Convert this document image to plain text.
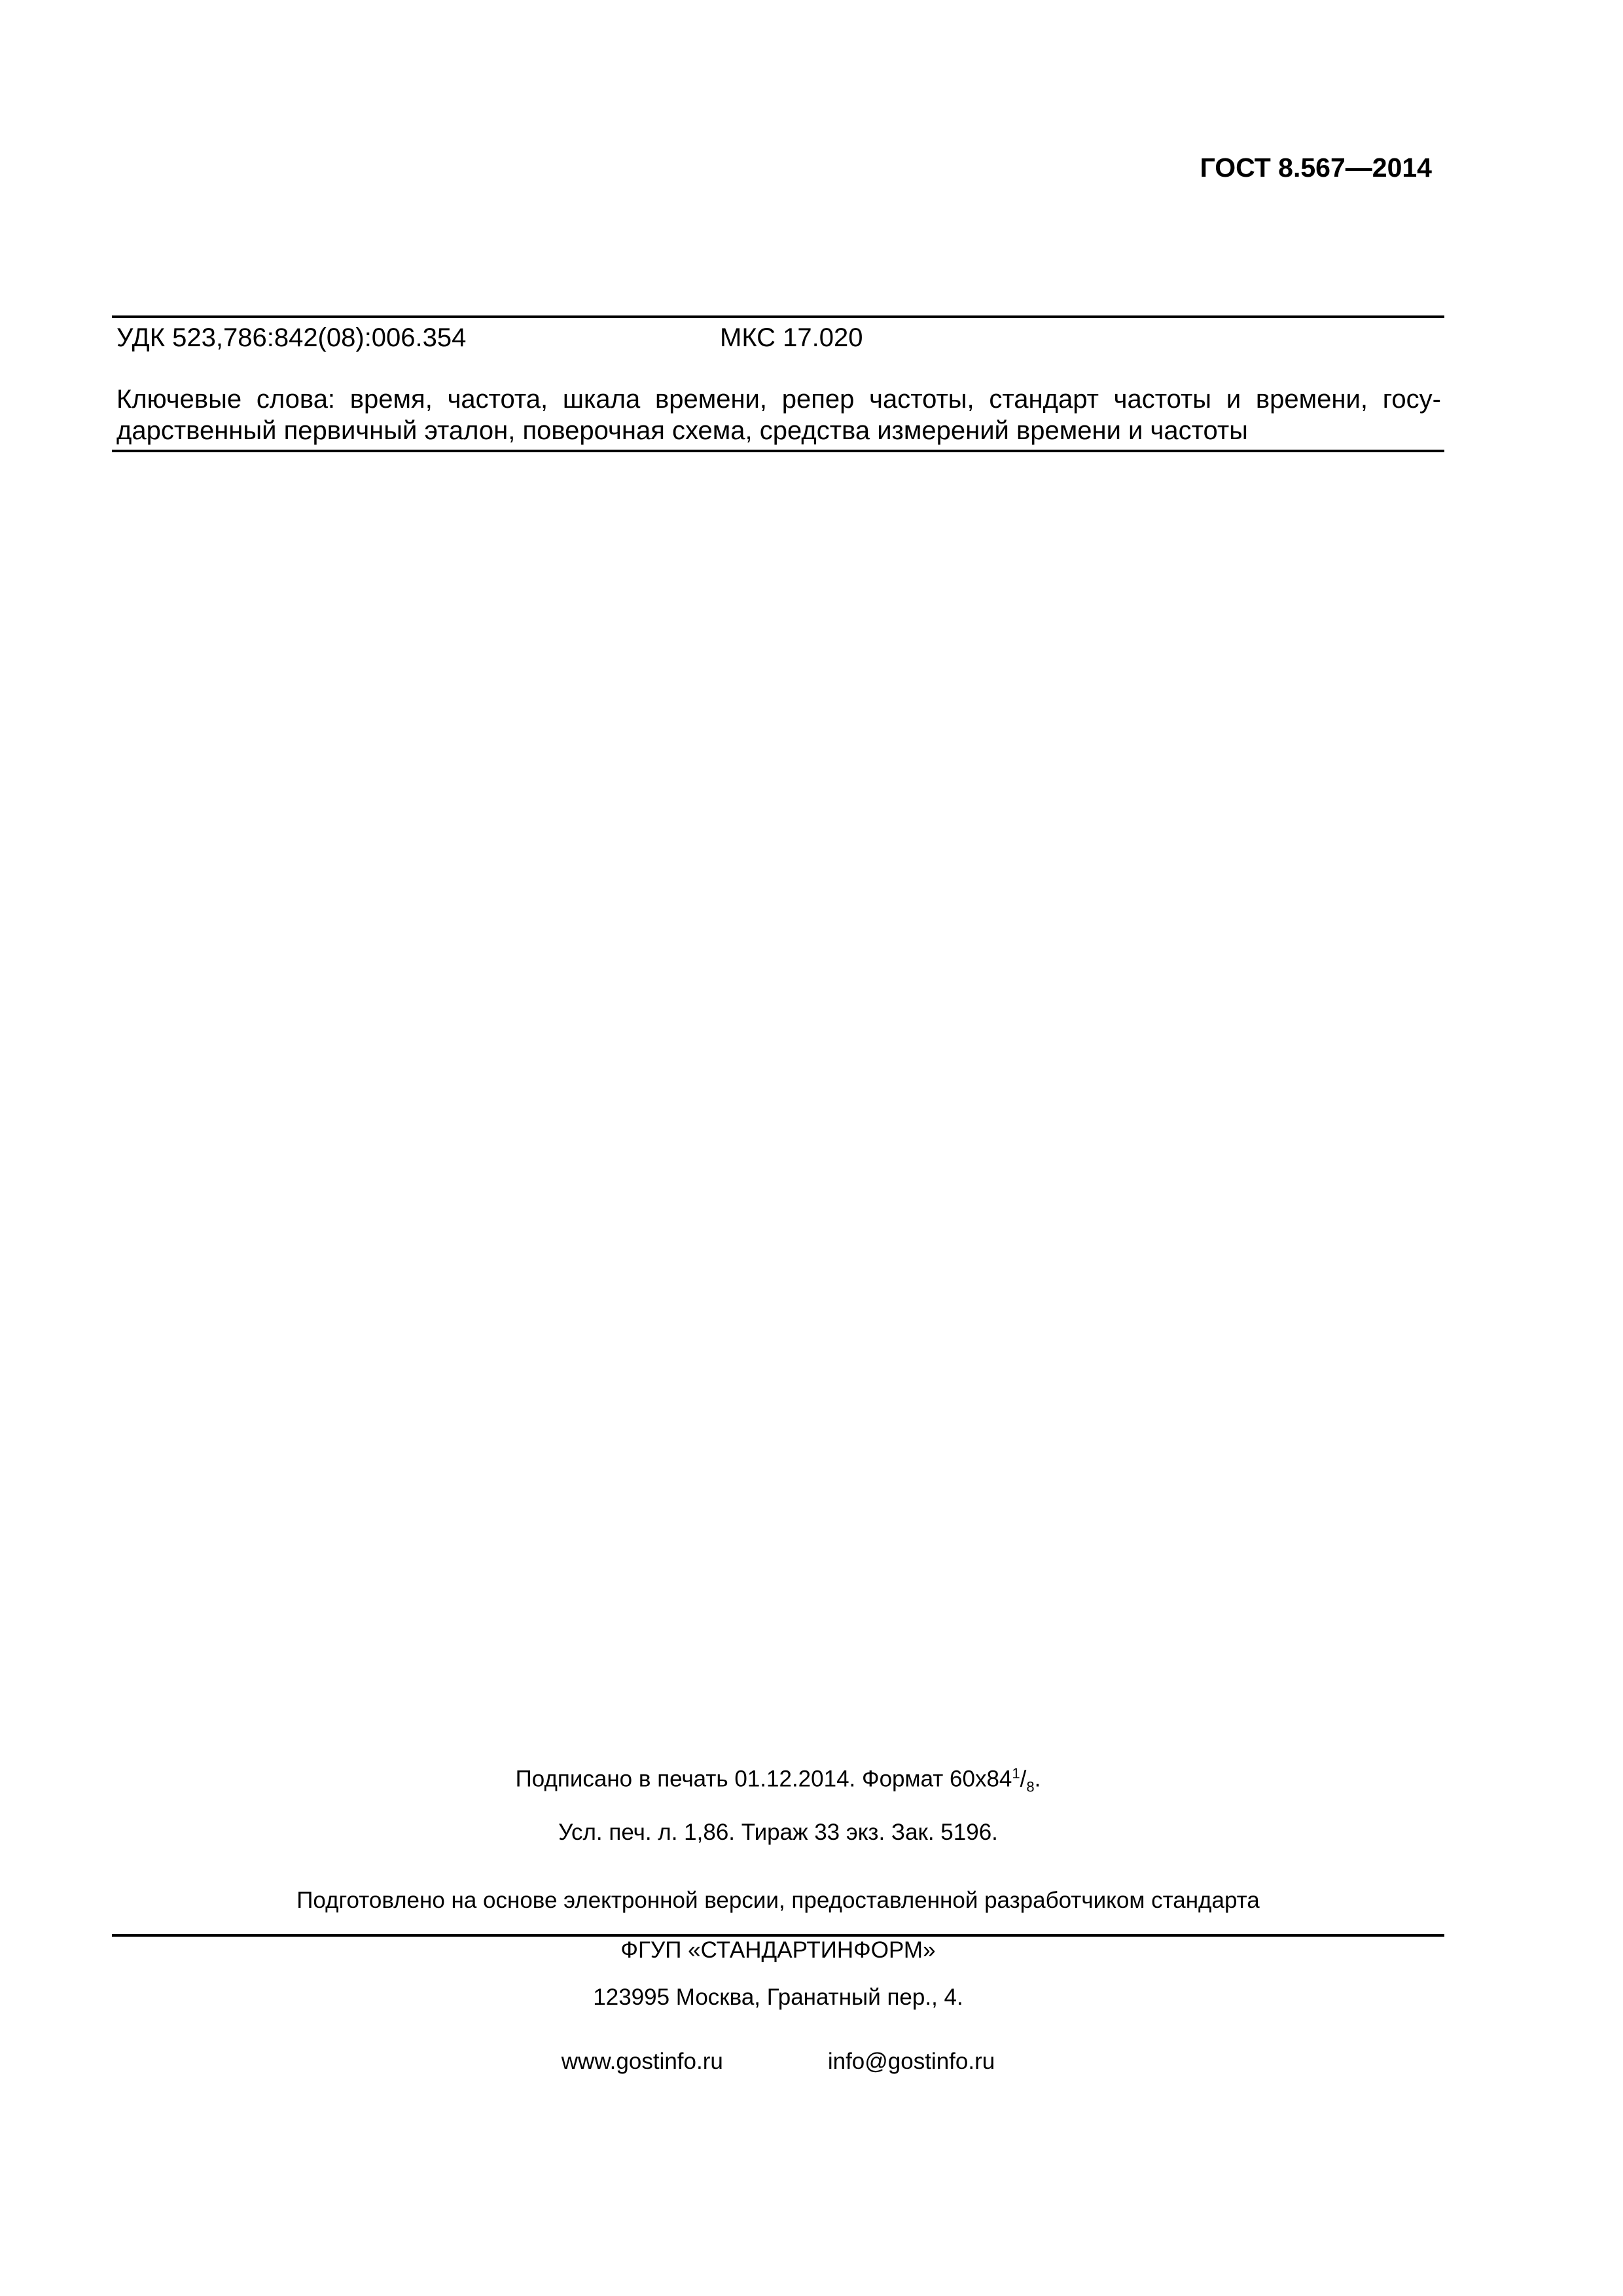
ГОСТ 8.567—2014
УДК 523,786:842(08):006.354	МКС 17.020
Ключевые слова: время, частота, шкала времени, репер частоты, стандарт частоты и времени, госу-дарственный первичный эталон, поверочная схема, средства измерений времени и частоты
Подписано в печать 01.12.2014. Формат $60х84^1/_8$.
Усл. печ. л. 1,86. Тираж 33 экз. Зак. 5196.
Подготовлено на основе электронной версии, предоставленной разработчиком стандарта
ФГУП «СТАНДАРТИНФОРМ»
123995 Москва, Гранатный пер., 4.
www.gostinfo.ru	info@gostinfo.ru
